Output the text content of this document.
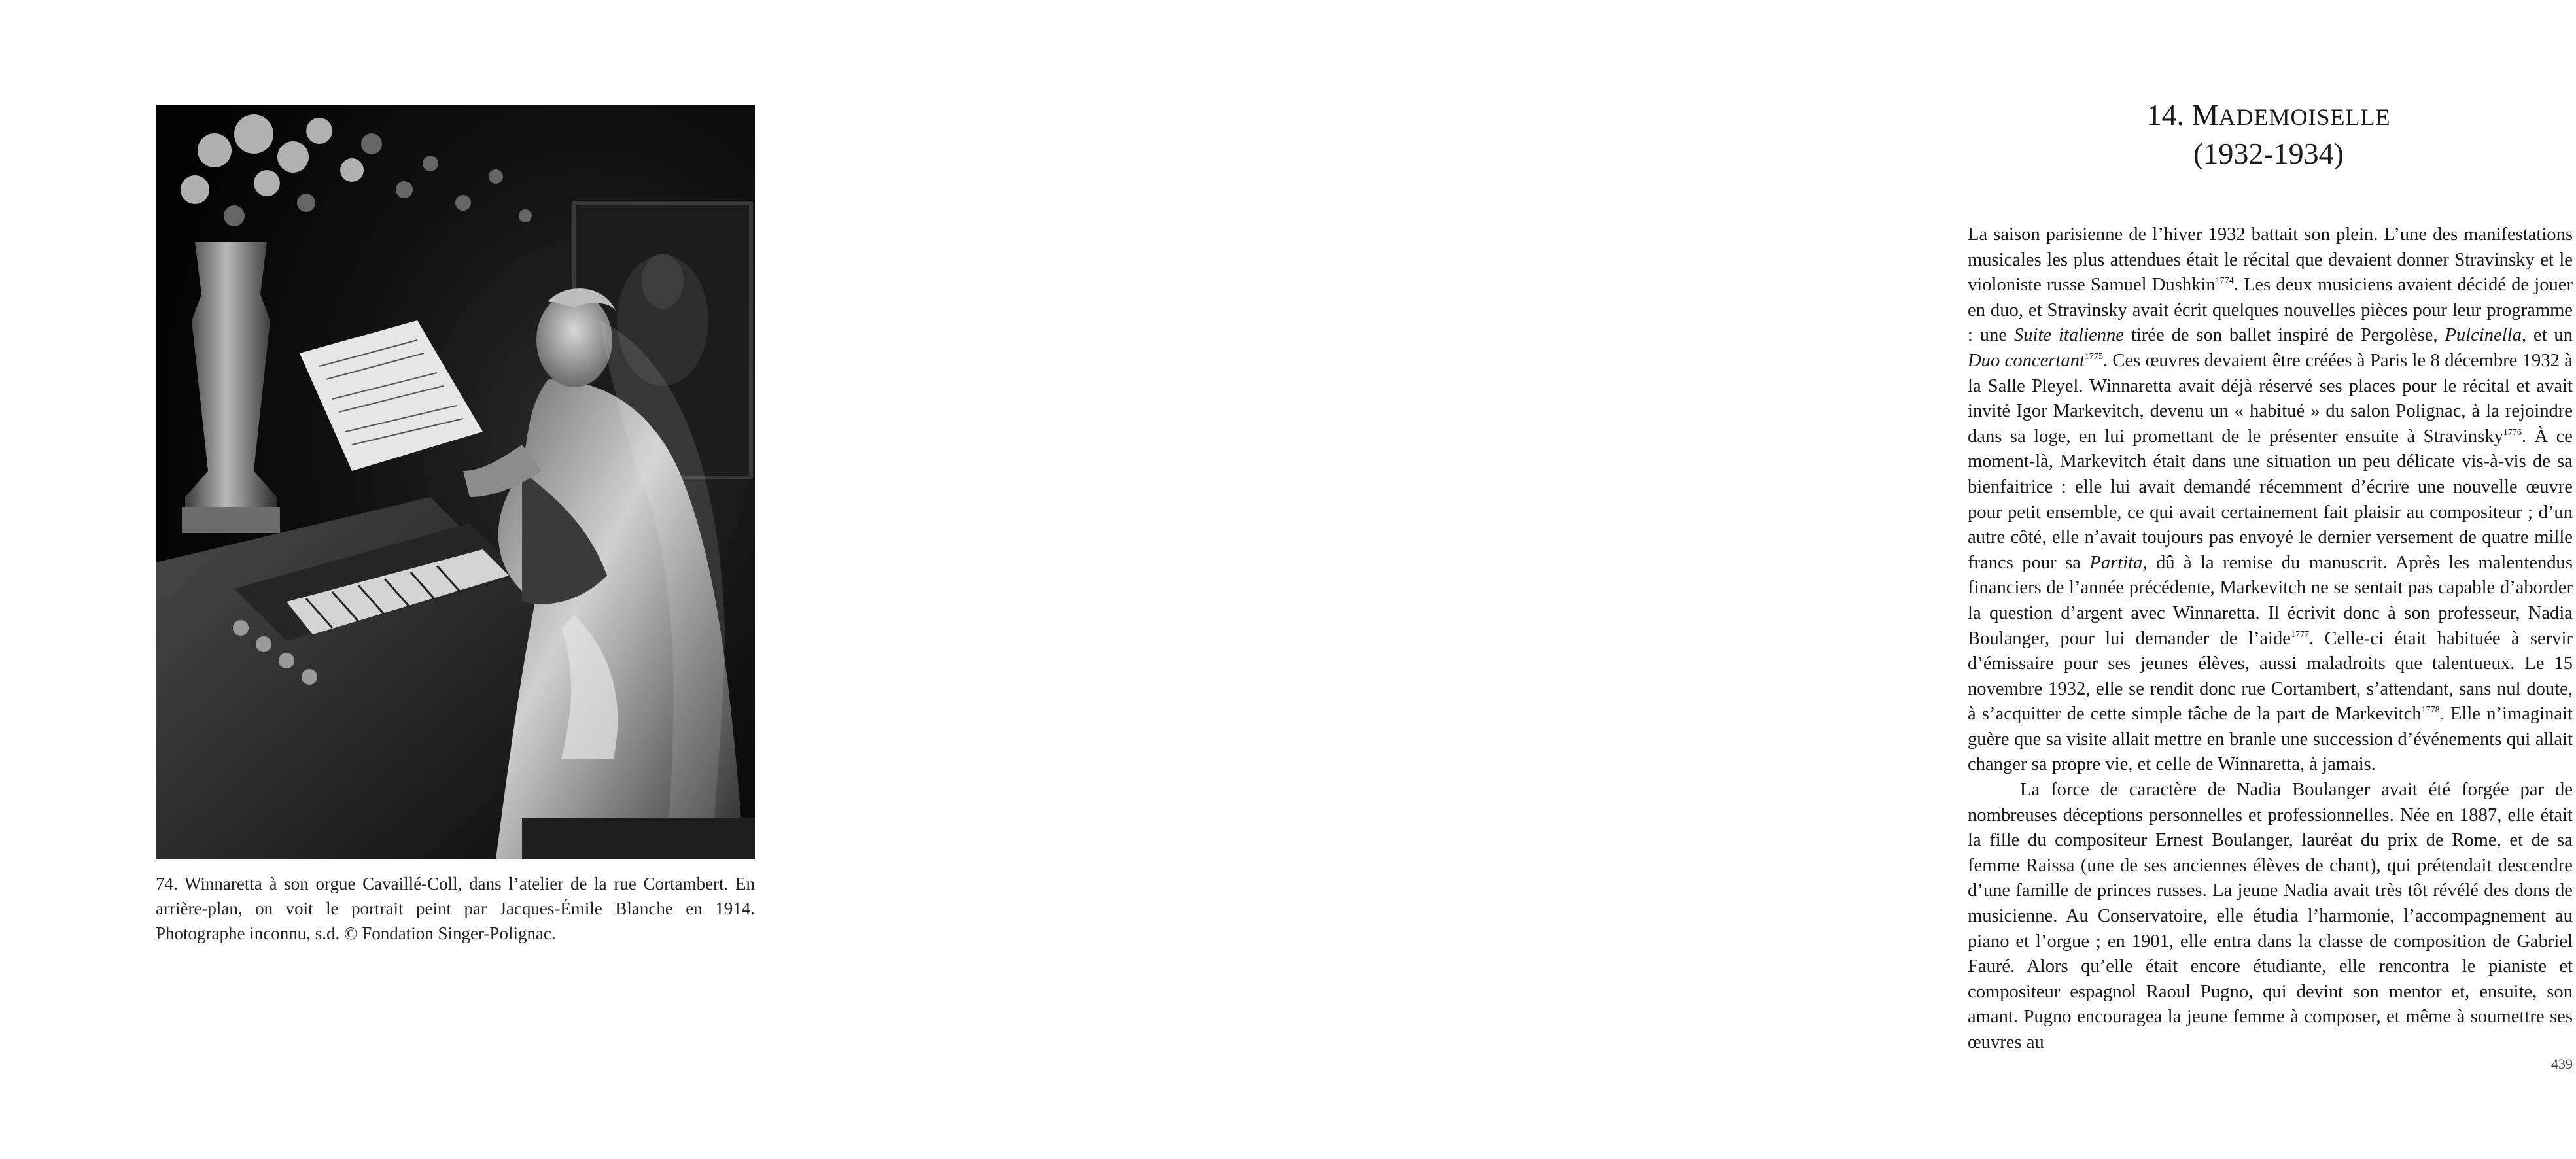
74. Winnaretta à son orgue Cavaillé-Coll, dans l’atelier de la rue Cortambert. En arrière-plan, on voit le portrait peint par Jacques-Émile Blanche en 1914. Photographe inconnu, s.d. © Fondation Singer-Polignac.
14. MADEMOISELLE
(1932-1934)

La saison parisienne de l’hiver 1932 battait son plein. L’une des manifestations musicales les plus attendues était le récital que devaient donner Stravinsky et le violoniste russe Samuel Dushkin$^{1774}$. Les deux musiciens avaient décidé de jouer en duo, et Stravinsky avait écrit quelques nouvelles pièces pour leur programme : une Suite italienne tirée de son ballet inspiré de Pergolèse, Pulcinella, et un Duo concertant$^{1775}$. Ces œuvres devaient être créées à Paris le 8 décembre 1932 à la Salle Pleyel. Winnaretta avait déjà réservé ses places pour le récital et avait invité Igor Markevitch, devenu un « habitué » du salon Polignac, à la rejoindre dans sa loge, en lui promettant de le présenter ensuite à Stravinsky$^{1776}$. À ce moment-là, Markevitch était dans une situation un peu délicate vis-à-vis de sa bienfaitrice : elle lui avait demandé récemment d’écrire une nouvelle œuvre pour petit ensemble, ce qui avait certainement fait plaisir au compositeur ; d’un autre côté, elle n’avait toujours pas envoyé le dernier versement de quatre mille francs pour sa Partita, dû à la remise du manuscrit. Après les malentendus financiers de l’année précédente, Markevitch ne se sentait pas capable d’aborder la question d’argent avec Winnaretta. Il écrivit donc à son professeur, Nadia Boulanger, pour lui demander de l’aide$^{1777}$. Celle-ci était habituée à servir d’émissaire pour ses jeunes élèves, aussi maladroits que talentueux. Le 15 novembre 1932, elle se rendit donc rue Cortambert, s’attendant, sans nul doute, à s’acquitter de cette simple tâche de la part de Markevitch$^{1778}$. Elle n’imaginait guère que sa visite allait mettre en branle une succession d’événements qui allait changer sa propre vie, et celle de Winnaretta, à jamais.

La force de caractère de Nadia Boulanger avait été forgée par de nombreuses déceptions personnelles et professionnelles. Née en 1887, elle était la fille du compositeur Ernest Boulanger, lauréat du prix de Rome, et de sa femme Raissa (une de ses anciennes élèves de chant), qui prétendait descendre d’une famille de princes russes. La jeune Nadia avait très tôt révélé des dons de musicienne. Au Conservatoire, elle étudia l’harmonie, l’accompagnement au piano et l’orgue ; en 1901, elle entra dans la classe de composition de Gabriel Fauré. Alors qu’elle était encore étudiante, elle rencontra le pianiste et compositeur espagnol Raoul Pugno, qui devint son mentor et, ensuite, son amant. Pugno encouragea la jeune femme à composer, et même à soumettre ses œuvres au

439
